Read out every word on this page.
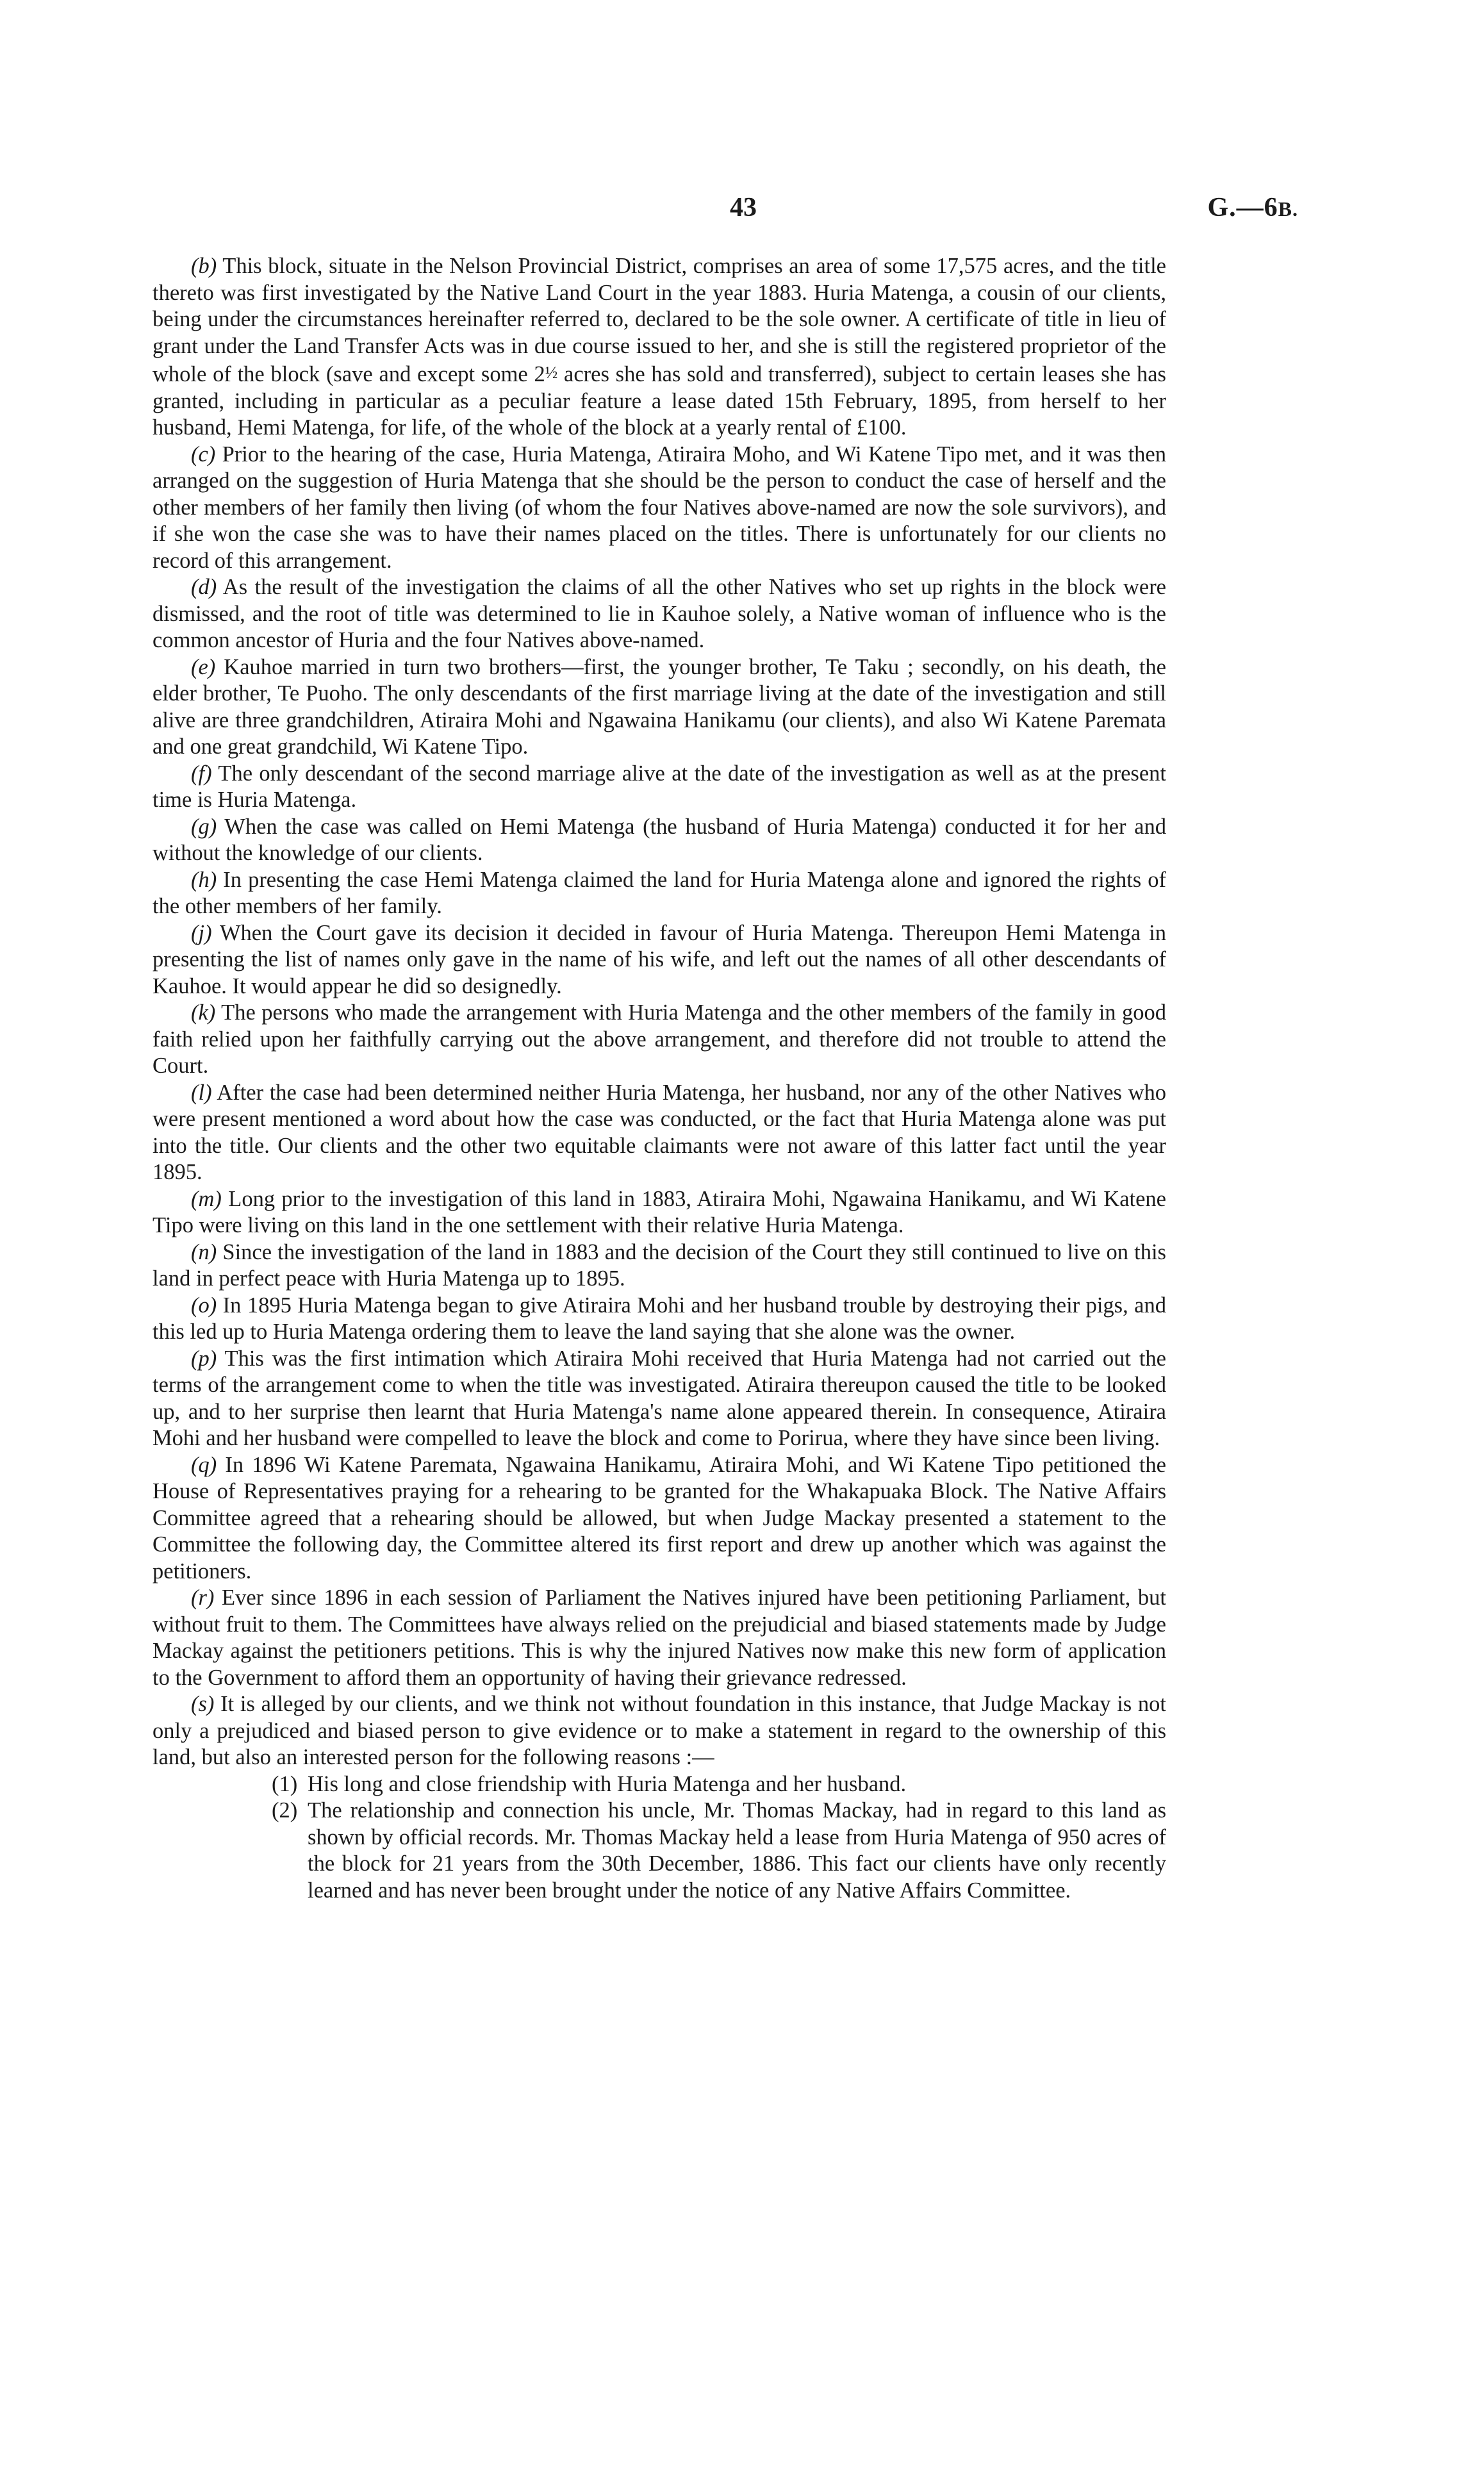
43	G.—6B.

(b) This block, situate in the Nelson Provincial District, comprises an area of some 17,575 acres, and the title thereto was first investigated by the Native Land Court in the year 1883. Huria Matenga, a cousin of our clients, being under the circumstances hereinafter referred to, declared to be the sole owner. A certificate of title in lieu of grant under the Land Transfer Acts was in due course issued to her, and she is still the registered proprietor of the whole of the block (save and except some 2½ acres she has sold and transferred), subject to certain leases she has granted, including in particular as a peculiar feature a lease dated 15th February, 1895, from herself to her husband, Hemi Matenga, for life, of the whole of the block at a yearly rental of £100.

(c) Prior to the hearing of the case, Huria Matenga, Atiraira Moho, and Wi Katene Tipo met, and it was then arranged on the suggestion of Huria Matenga that she should be the person to conduct the case of herself and the other members of her family then living (of whom the four Natives above-named are now the sole survivors), and if she won the case she was to have their names placed on the titles. There is unfortunately for our clients no record of this arrangement.

(d) As the result of the investigation the claims of all the other Natives who set up rights in the block were dismissed, and the root of title was determined to lie in Kauhoe solely, a Native woman of influence who is the common ancestor of Huria and the four Natives above-named.

(e) Kauhoe married in turn two brothers—first, the younger brother, Te Taku ; secondly, on his death, the elder brother, Te Puoho. The only descendants of the first marriage living at the date of the investigation and still alive are three grandchildren, Atiraira Mohi and Ngawaina Hanikamu (our clients), and also Wi Katene Paremata and one great grandchild, Wi Katene Tipo.

(f) The only descendant of the second marriage alive at the date of the investigation as well as at the present time is Huria Matenga.

(g) When the case was called on Hemi Matenga (the husband of Huria Matenga) conducted it for her and without the knowledge of our clients.

(h) In presenting the case Hemi Matenga claimed the land for Huria Matenga alone and ignored the rights of the other members of her family.

(j) When the Court gave its decision it decided in favour of Huria Matenga. Thereupon Hemi Matenga in presenting the list of names only gave in the name of his wife, and left out the names of all other descendants of Kauhoe. It would appear he did so designedly.

(k) The persons who made the arrangement with Huria Matenga and the other members of the family in good faith relied upon her faithfully carrying out the above arrangement, and therefore did not trouble to attend the Court.

(l) After the case had been determined neither Huria Matenga, her husband, nor any of the other Natives who were present mentioned a word about how the case was conducted, or the fact that Huria Matenga alone was put into the title. Our clients and the other two equitable claimants were not aware of this latter fact until the year 1895.

(m) Long prior to the investigation of this land in 1883, Atiraira Mohi, Ngawaina Hanikamu, and Wi Katene Tipo were living on this land in the one settlement with their relative Huria Matenga.

(n) Since the investigation of the land in 1883 and the decision of the Court they still continued to live on this land in perfect peace with Huria Matenga up to 1895.

(o) In 1895 Huria Matenga began to give Atiraira Mohi and her husband trouble by destroying their pigs, and this led up to Huria Matenga ordering them to leave the land saying that she alone was the owner.

(p) This was the first intimation which Atiraira Mohi received that Huria Matenga had not carried out the terms of the arrangement come to when the title was investigated. Atiraira thereupon caused the title to be looked up, and to her surprise then learnt that Huria Matenga's name alone appeared therein. In consequence, Atiraira Mohi and her husband were compelled to leave the block and come to Porirua, where they have since been living.

(q) In 1896 Wi Katene Paremata, Ngawaina Hanikamu, Atiraira Mohi, and Wi Katene Tipo petitioned the House of Representatives praying for a rehearing to be granted for the Whakapuaka Block. The Native Affairs Committee agreed that a rehearing should be allowed, but when Judge Mackay presented a statement to the Committee the following day, the Committee altered its first report and drew up another which was against the petitioners.

(r) Ever since 1896 in each session of Parliament the Natives injured have been petitioning Parliament, but without fruit to them. The Committees have always relied on the prejudicial and biased statements made by Judge Mackay against the petitioners petitions. This is why the injured Natives now make this new form of application to the Government to afford them an opportunity of having their grievance redressed.

(s) It is alleged by our clients, and we think not without foundation in this instance, that Judge Mackay is not only a prejudiced and biased person to give evidence or to make a statement in regard to the ownership of this land, but also an interested person for the following reasons :—

(1) His long and close friendship with Huria Matenga and her husband.
(2) The relationship and connection his uncle, Mr. Thomas Mackay, had in regard to this land as shown by official records. Mr. Thomas Mackay held a lease from Huria Matenga of 950 acres of the block for 21 years from the 30th December, 1886. This fact our clients have only recently learned and has never been brought under the notice of any Native Affairs Committee.
